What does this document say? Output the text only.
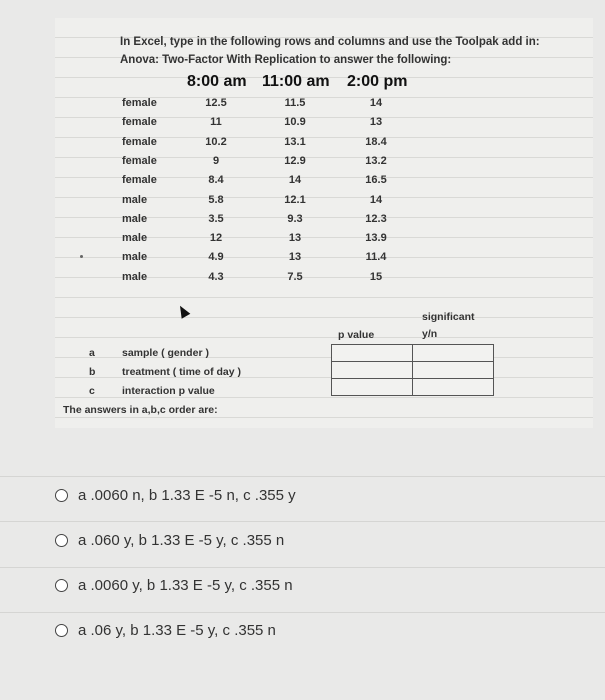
In Excel, type in the following rows and columns and use the Toolpak add in:
Anova: Two-Factor With Replication to answer the following:
8:00 am 11:00 am 2:00 pm
female	12.5	11.5	14
female	11	10.9	13
female	10.2	13.1	18.4
female	9	12.9	13.2
female	8.4	14	16.5
male	5.8	12.1	14
male	3.5	9.3	12.3
male	12	13	13.9
male	4.9	13	11.4
male	4.3	7.5	15
significant
y/n
p value

a	sample ( gender )
b	treatment ( time of day )
c	interaction p value
The answers in a,b,c order are:
a .0060 n, b 1.33 E -5 n, c .355 y
a .060 y, b 1.33 E -5 y, c .355 n
a .0060 y, b 1.33 E -5 y, c .355 n
a .06 y, b 1.33 E -5 y, c .355 n
